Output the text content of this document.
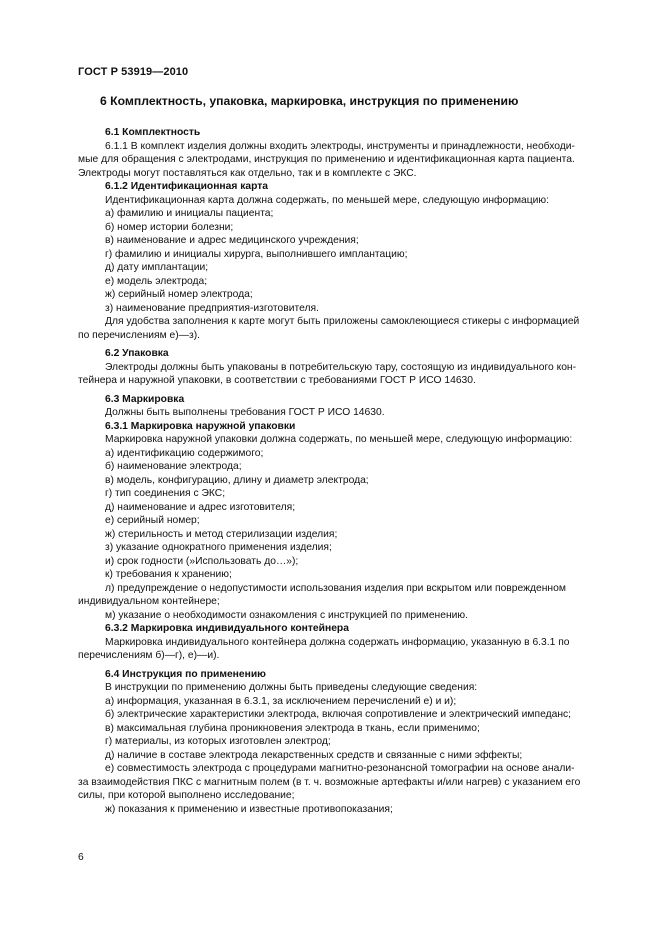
ГОСТ Р 53919—2010
6 Комплектность, упаковка, маркировка, инструкция по применению

6.1 Комплектность

6.1.1 В комплект изделия должны входить электроды, инструменты и принадлежности, необходи-

мые для обращения с электродами, инструкция по применению и идентификационная карта пациента.

Электроды могут поставляться как отдельно, так и в комплекте с ЭКС.

6.1.2 Идентификационная карта

Идентификационная карта должна содержать, по меньшей мере, следующую информацию:

а) фамилию и инициалы пациента;

б) номер истории болезни;

в) наименование и адрес медицинского учреждения;

г) фамилию и инициалы хирурга, выполнившего имплантацию;

д) дату имплантации;

е) модель электрода;

ж) серийный номер электрода;

з) наименование предприятия-изготовителя.

Для удобства заполнения к карте могут быть приложены самоклеющиеся стикеры с информацией

по перечислениям е)—з).

6.2 Упаковка

Электроды должны быть упакованы в потребительскую тару, состоящую из индивидуального кон-

тейнера и наружной упаковки, в соответствии с требованиями ГОСТ Р ИСО 14630.

6.3 Маркировка

Должны быть выполнены требования ГОСТ Р ИСО 14630.

6.3.1 Маркировка наружной упаковки

Маркировка наружной упаковки должна содержать, по меньшей мере, следующую информацию:

а) идентификацию содержимого;

б) наименование электрода;

в) модель, конфигурацию, длину и диаметр электрода;

г) тип соединения с ЭКС;

д) наименование и адрес изготовителя;

е) серийный номер;

ж) стерильность и метод стерилизации изделия;

з) указание однократного применения изделия;

и) срок годности (»Использовать до…»);

к) требования к хранению;

л) предупреждение о недопустимости использования изделия при вскрытом или поврежденном

индивидуальном контейнере;

м) указание о необходимости ознакомления с инструкцией по применению.

6.3.2 Маркировка индивидуального контейнера

Маркировка индивидуального контейнера должна содержать информацию, указанную в 6.3.1 по

перечислениям б)—г), е)—и).

6.4 Инструкция по применению

В инструкции по применению должны быть приведены следующие сведения:

а) информация, указанная в 6.3.1, за исключением перечислений е) и и);

б) электрические характеристики электрода, включая сопротивление и электрический импеданс;

в) максимальная глубина проникновения электрода в ткань, если применимо;

г) материалы, из которых изготовлен электрод;

д) наличие в составе электрода лекарственных средств и связанные с ними эффекты;

е) совместимость электрода с процедурами магнитно-резонансной томографии на основе анали-

за взаимодействия ПКС с магнитным полем (в т. ч. возможные артефакты и/или нагрев) с указанием его

силы, при которой выполнено исследование;

ж) показания к применению и известные противопоказания;

6
